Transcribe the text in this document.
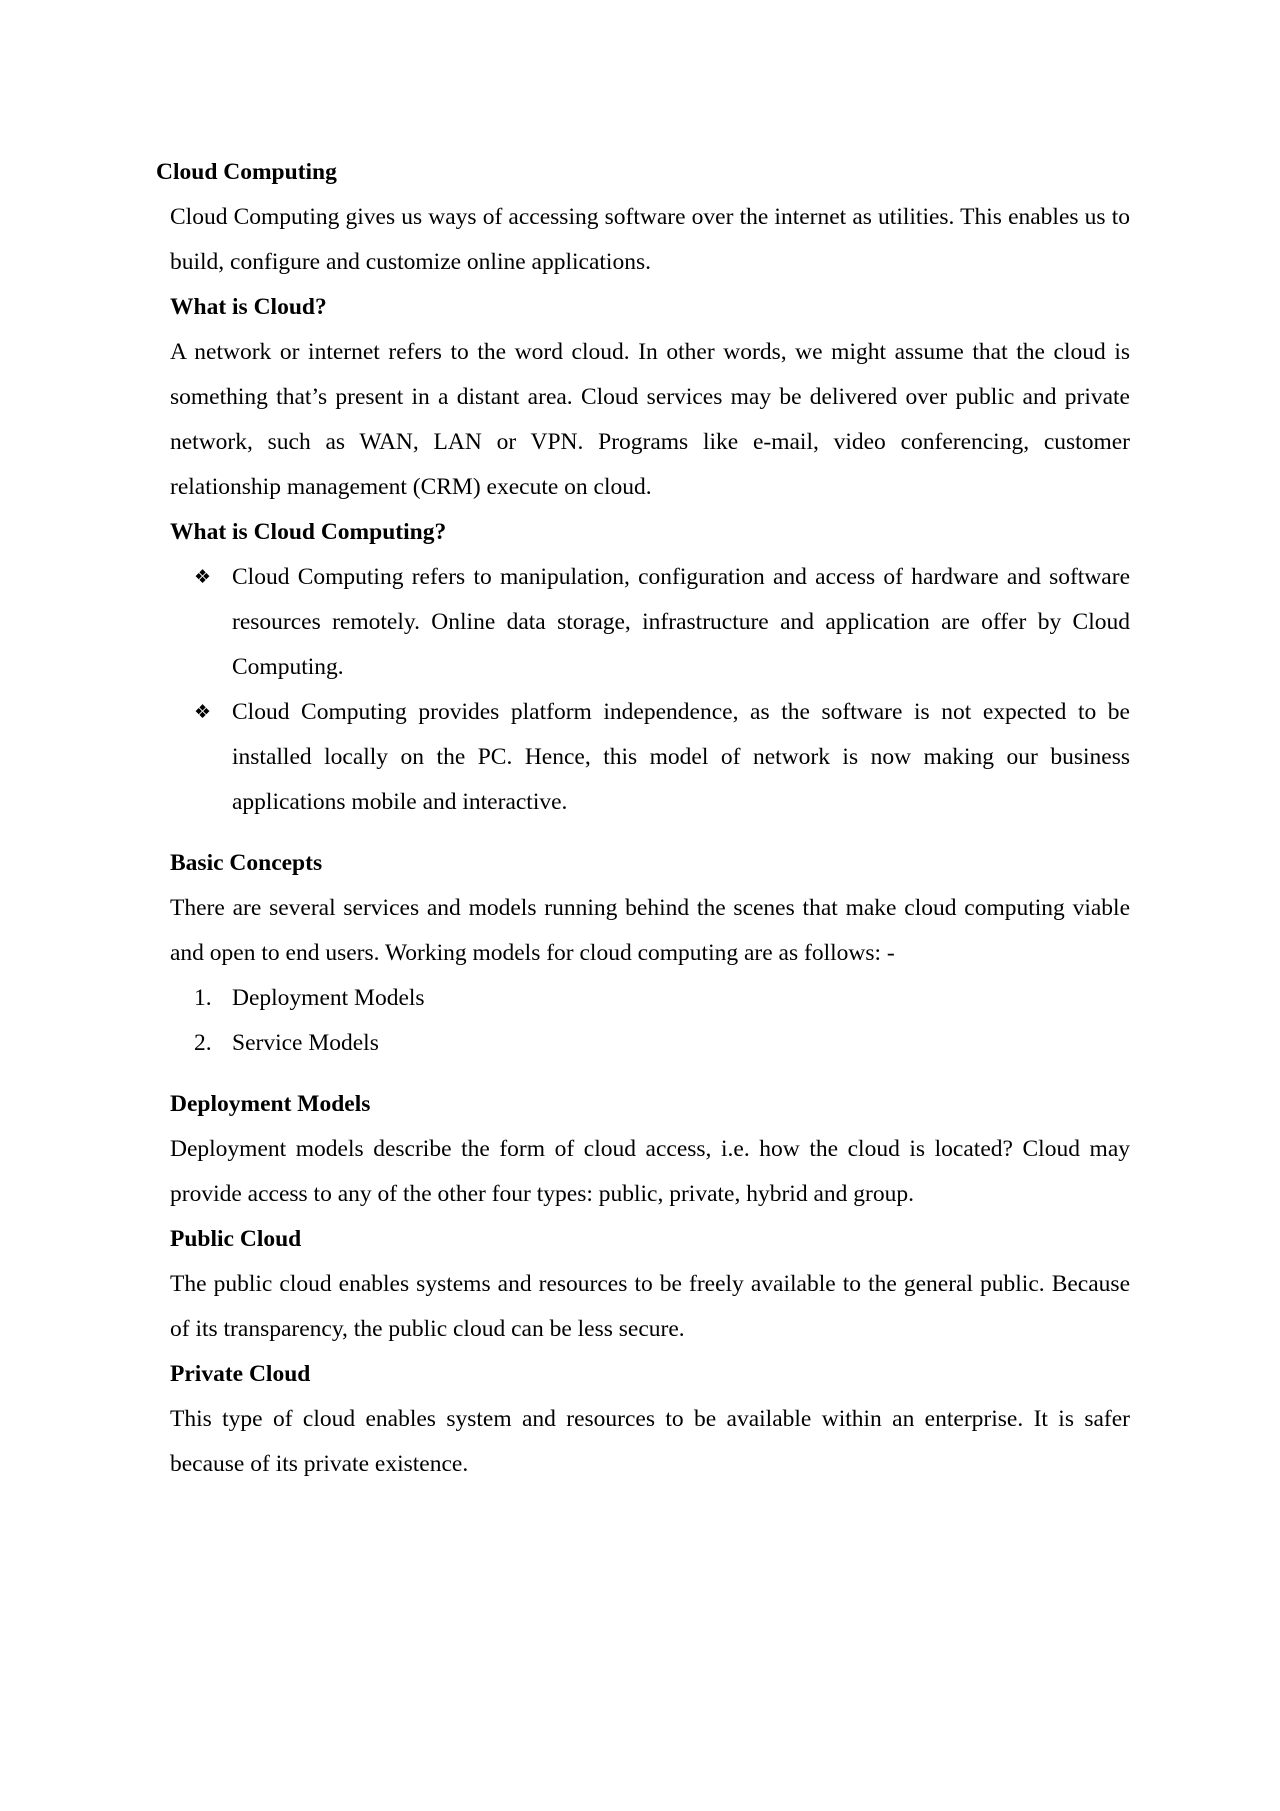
Cloud Computing

Cloud Computing gives us ways of accessing software over the internet as utilities. This enables us to build, configure and customize online applications.

What is Cloud?

A network or internet refers to the word cloud. In other words, we might assume that the cloud is something that’s present in a distant area. Cloud services may be delivered over public and private network, such as WAN, LAN or VPN. Programs like e-mail, video conferencing, customer relationship management (CRM) execute on cloud.

What is Cloud Computing?
❖ Cloud Computing refers to manipulation, configuration and access of hardware and software resources remotely. Online data storage, infrastructure and application are offer by Cloud Computing.
❖ Cloud Computing provides platform independence, as the software is not expected to be installed locally on the PC. Hence, this model of network is now making our business applications mobile and interactive.
Basic Concepts

There are several services and models running behind the scenes that make cloud computing viable and open to end users. Working models for cloud computing are as follows: -

1. Deployment Models
2. Service Models
Deployment Models

Deployment models describe the form of cloud access, i.e. how the cloud is located? Cloud may provide access to any of the other four types: public, private, hybrid and group.

Public Cloud

The public cloud enables systems and resources to be freely available to the general public. Because of its transparency, the public cloud can be less secure.

Private Cloud

This type of cloud enables system and resources to be available within an enterprise. It is safer because of its private existence.
